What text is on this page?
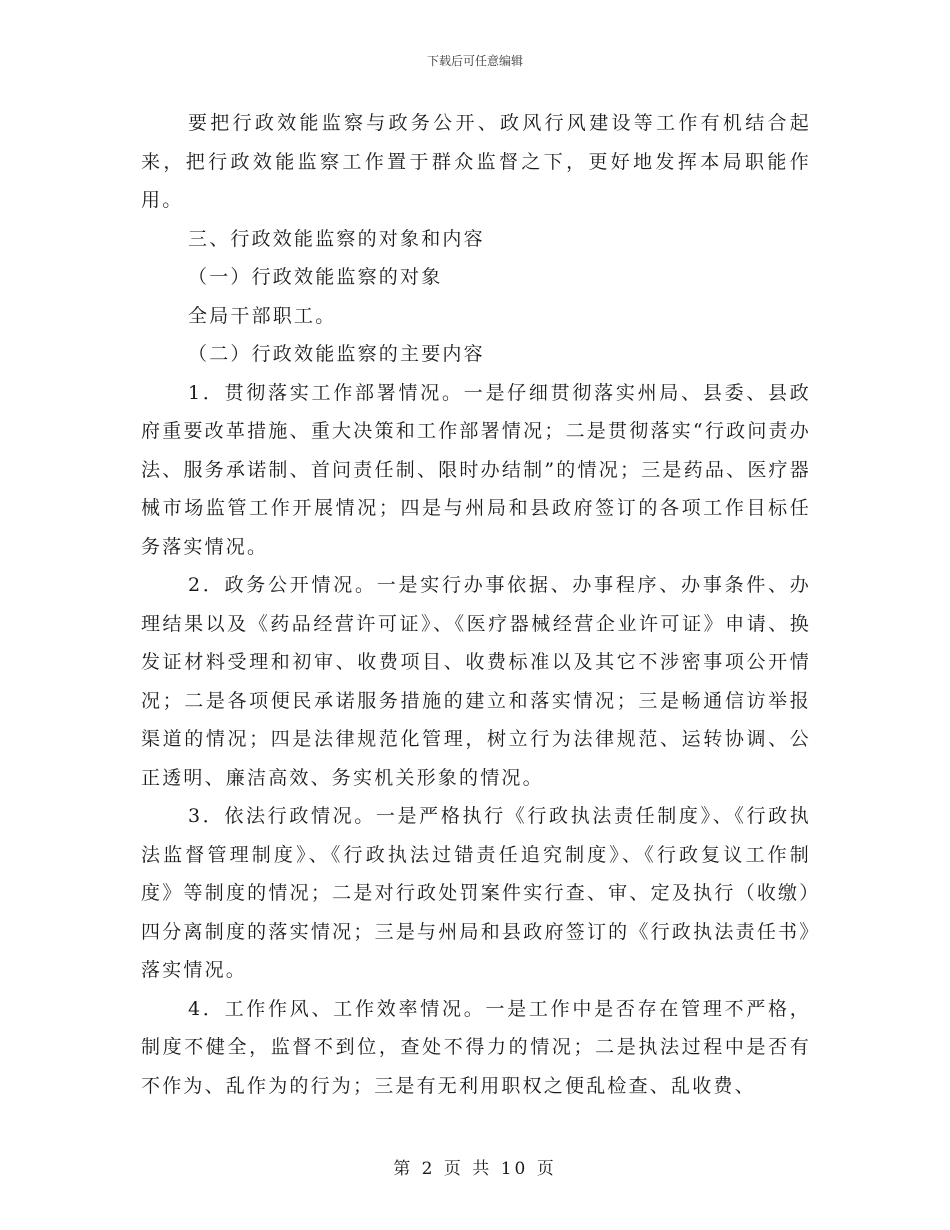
下载后可任意编辑

要把行政效能监察与政务公开、政风行风建设等工作有机结合起来，把行政效能监察工作置于群众监督之下，更好地发挥本局职能作用。

三、行政效能监察的对象和内容

（一）行政效能监察的对象

全局干部职工。

（二）行政效能监察的主要内容

1．贯彻落实工作部署情况。一是仔细贯彻落实州局、县委、县政府重要改革措施、重大决策和工作部署情况；二是贯彻落实“行政问责办法、服务承诺制、首问责任制、限时办结制”的情况；三是药品、医疗器械市场监管工作开展情况；四是与州局和县政府签订的各项工作目标任务落实情况。

2．政务公开情况。一是实行办事依据、办事程序、办事条件、办理结果以及《药品经营许可证》、《医疗器械经营企业许可证》申请、换发证材料受理和初审、收费项目、收费标准以及其它不涉密事项公开情况；二是各项便民承诺服务措施的建立和落实情况；三是畅通信访举报渠道的情况；四是法律规范化管理，树立行为法律规范、运转协调、公正透明、廉洁高效、务实机关形象的情况。

3．依法行政情况。一是严格执行《行政执法责任制度》、《行政执法监督管理制度》、《行政执法过错责任追究制度》、《行政复议工作制度》等制度的情况；二是对行政处罚案件实行查、审、定及执行（收缴）四分离制度的落实情况；三是与州局和县政府签订的《行政执法责任书》落实情况。

4．工作作风、工作效率情况。一是工作中是否存在管理不严格，制度不健全，监督不到位，查处不得力的情况；二是执法过程中是否有不作为、乱作为的行为；三是有无利用职权之便乱检查、乱收费、

第 2 页 共 10 页
